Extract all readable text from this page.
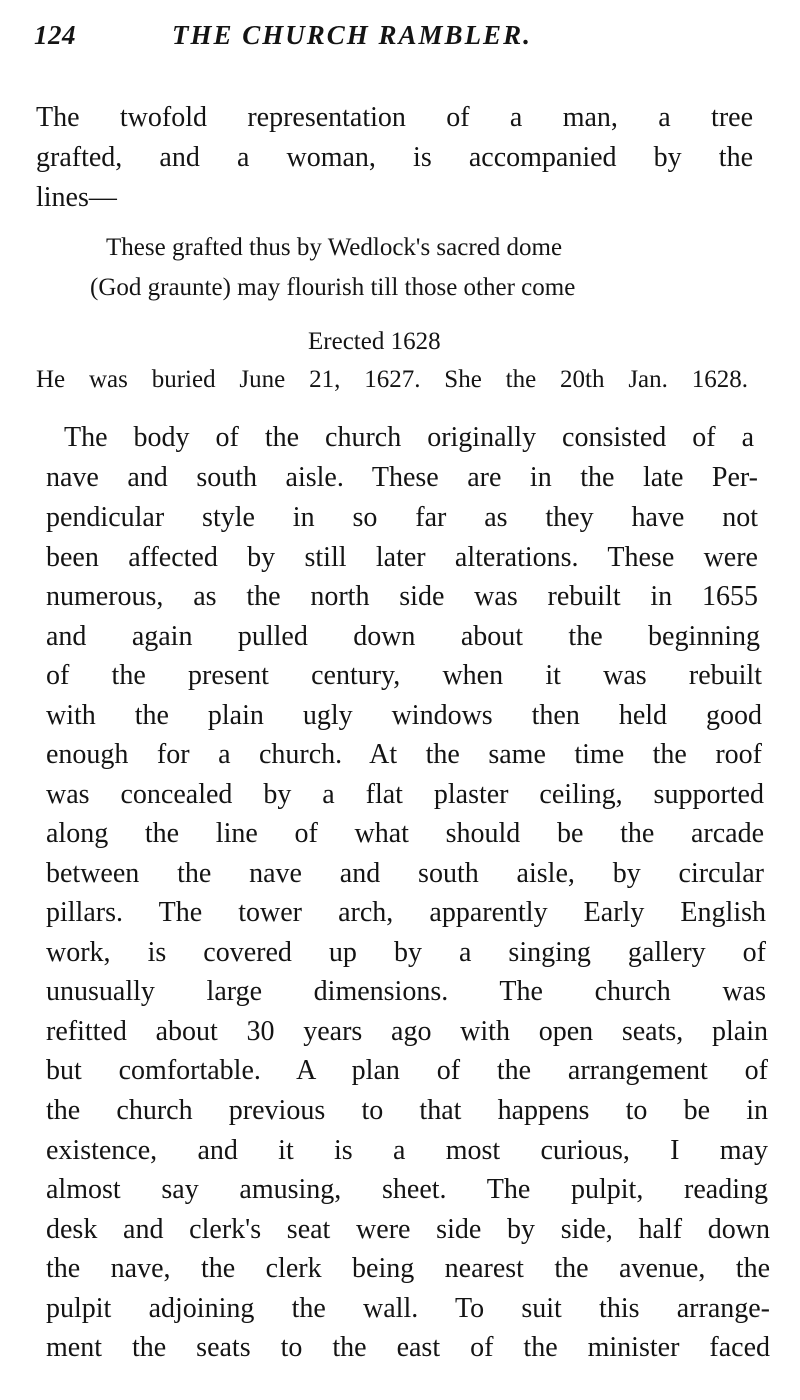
124	THE CHURCH RAMBLER.
The twofold representation of a man, a tree
grafted, and a woman, is accompanied by the
lines—
These grafted thus by Wedlock's sacred dome
(God graunte) may flourish till those other come
Erected 1628
He was buried June 21, 1627. She the 20th Jan. 1628.
The body of the church originally consisted of a
nave and south aisle. These are in the late Per-
pendicular style in so far as they have not
been affected by still later alterations. These were
numerous, as the north side was rebuilt in 1655
and again pulled down about the beginning
of the present century, when it was rebuilt
with the plain ugly windows then held good
enough for a church. At the same time the roof
was concealed by a flat plaster ceiling, supported
along the line of what should be the arcade
between the nave and south aisle, by circular
pillars. The tower arch, apparently Early English
work, is covered up by a singing gallery of
unusually large dimensions. The church was
refitted about 30 years ago with open seats, plain
but comfortable. A plan of the arrangement of
the church previous to that happens to be in
existence, and it is a most curious, I may
almost say amusing, sheet. The pulpit, reading
desk and clerk's seat were side by side, half down
the nave, the clerk being nearest the avenue, the
pulpit adjoining the wall. To suit this arrange-
ment the seats to the east of the minister faced
